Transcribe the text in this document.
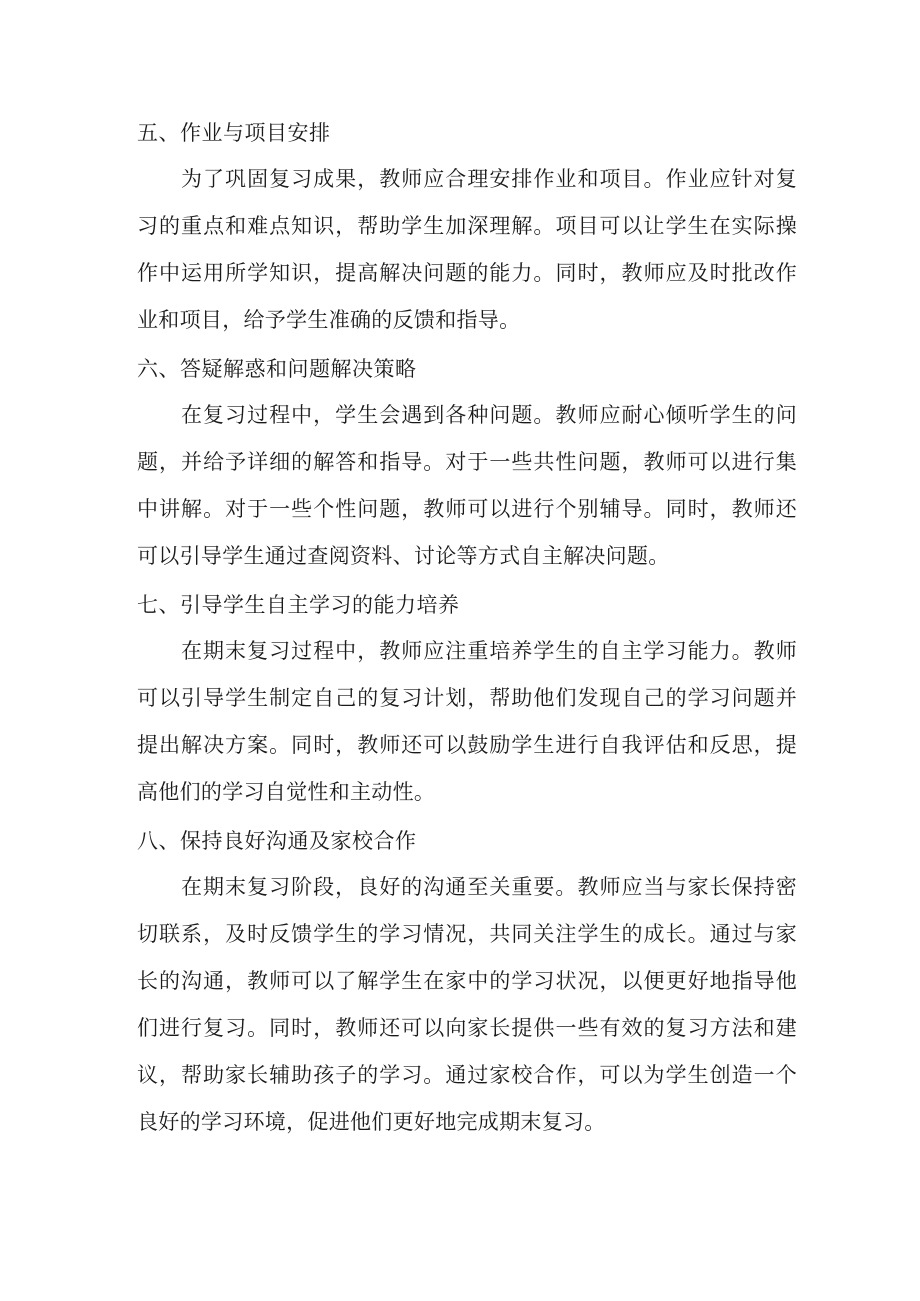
五、作业与项目安排

为了巩固复习成果，教师应合理安排作业和项目。作业应针对复习的重点和难点知识，帮助学生加深理解。项目可以让学生在实际操作中运用所学知识，提高解决问题的能力。同时，教师应及时批改作业和项目，给予学生准确的反馈和指导。

六、答疑解惑和问题解决策略

在复习过程中，学生会遇到各种问题。教师应耐心倾听学生的问题，并给予详细的解答和指导。对于一些共性问题，教师可以进行集中讲解。对于一些个性问题，教师可以进行个别辅导。同时，教师还可以引导学生通过查阅资料、讨论等方式自主解决问题。

七、引导学生自主学习的能力培养

在期末复习过程中，教师应注重培养学生的自主学习能力。教师可以引导学生制定自己的复习计划，帮助他们发现自己的学习问题并提出解决方案。同时，教师还可以鼓励学生进行自我评估和反思，提高他们的学习自觉性和主动性。

八、保持良好沟通及家校合作

在期末复习阶段，良好的沟通至关重要。教师应当与家长保持密切联系，及时反馈学生的学习情况，共同关注学生的成长。通过与家长的沟通，教师可以了解学生在家中的学习状况，以便更好地指导他们进行复习。同时，教师还可以向家长提供一些有效的复习方法和建议，帮助家长辅助孩子的学习。通过家校合作，可以为学生创造一个良好的学习环境，促进他们更好地完成期末复习。
